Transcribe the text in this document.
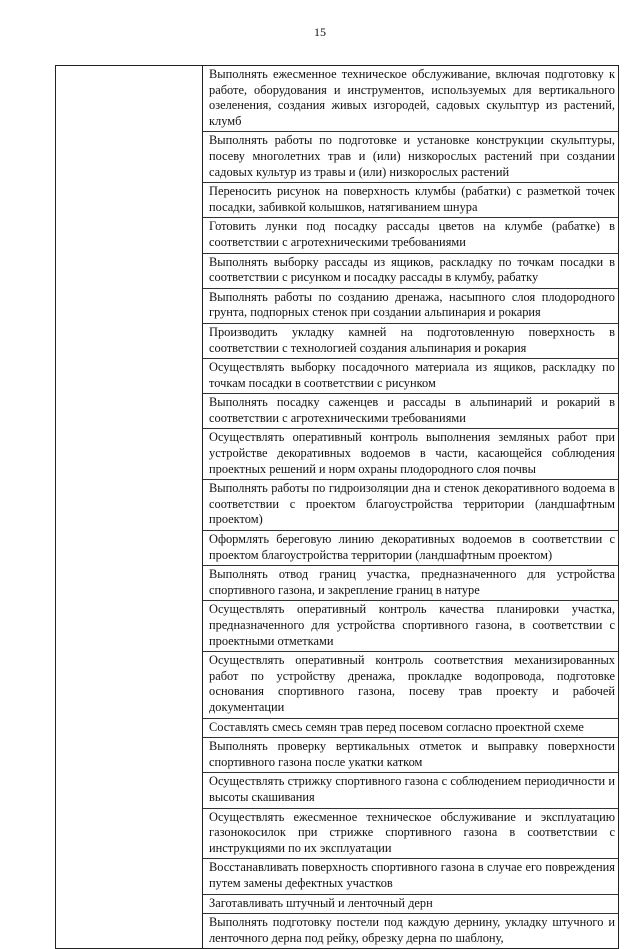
15

Выполнять ежесменное техническое обслуживание, включая подготовку к работе, оборудования и инструментов, используемых для вертикального озеленения, создания живых изгородей, садовых скульптур из растений, клумб
Выполнять работы по подготовке и установке конструкции скульптуры, посеву многолетних трав и (или) низкорослых растений при создании садовых культур из травы и (или) низкорослых растений
Переносить рисунок на поверхность клумбы (рабатки) с разметкой точек посадки, забивкой колышков, натягиванием шнура
Готовить лунки под посадку рассады цветов на клумбе (рабатке) в соответствии с агротехническими требованиями
Выполнять выборку рассады из ящиков, раскладку по точкам посадки в соответствии с рисунком и посадку рассады в клумбу, рабатку
Выполнять работы по созданию дренажа, насыпного слоя плодородного грунта, подпорных стенок при создании альпинария и рокария
Производить укладку камней на подготовленную поверхность в соответствии с технологией создания альпинария и рокария
Осуществлять выборку посадочного материала из ящиков, раскладку по точкам посадки в соответствии с рисунком
Выполнять посадку саженцев и рассады в альпинарий и рокарий в соответствии с агротехническими требованиями
Осуществлять оперативный контроль выполнения земляных работ при устройстве декоративных водоемов в части, касающейся соблюдения проектных решений и норм охраны плодородного слоя почвы
Выполнять работы по гидроизоляции дна и стенок декоративного водоема в соответствии с проектом благоустройства территории (ландшафтным проектом)
Оформлять береговую линию декоративных водоемов в соответствии с проектом благоустройства территории (ландшафтным проектом)
Выполнять отвод границ участка, предназначенного для устройства спортивного газона, и закрепление границ в натуре
Осуществлять оперативный контроль качества планировки участка, предназначенного для устройства спортивного газона, в соответствии с проектными отметками
Осуществлять оперативный контроль соответствия механизированных работ по устройству дренажа, прокладке водопровода, подготовке основания спортивного газона, посеву трав проекту и рабочей документации
Составлять смесь семян трав перед посевом согласно проектной схеме
Выполнять проверку вертикальных отметок и выправку поверхности спортивного газона после укатки катком
Осуществлять стрижку спортивного газона с соблюдением периодичности и высоты скашивания
Осуществлять ежесменное техническое обслуживание и эксплуатацию газонокосилок при стрижке спортивного газона в соответствии с инструкциями по их эксплуатации
Восстанавливать поверхность спортивного газона в случае его повреждения путем замены дефектных участков
Заготавливать штучный и ленточный дерн
Выполнять подготовку постели под каждую дернину, укладку штучного и ленточного дерна под рейку, обрезку дерна по шаблону,
